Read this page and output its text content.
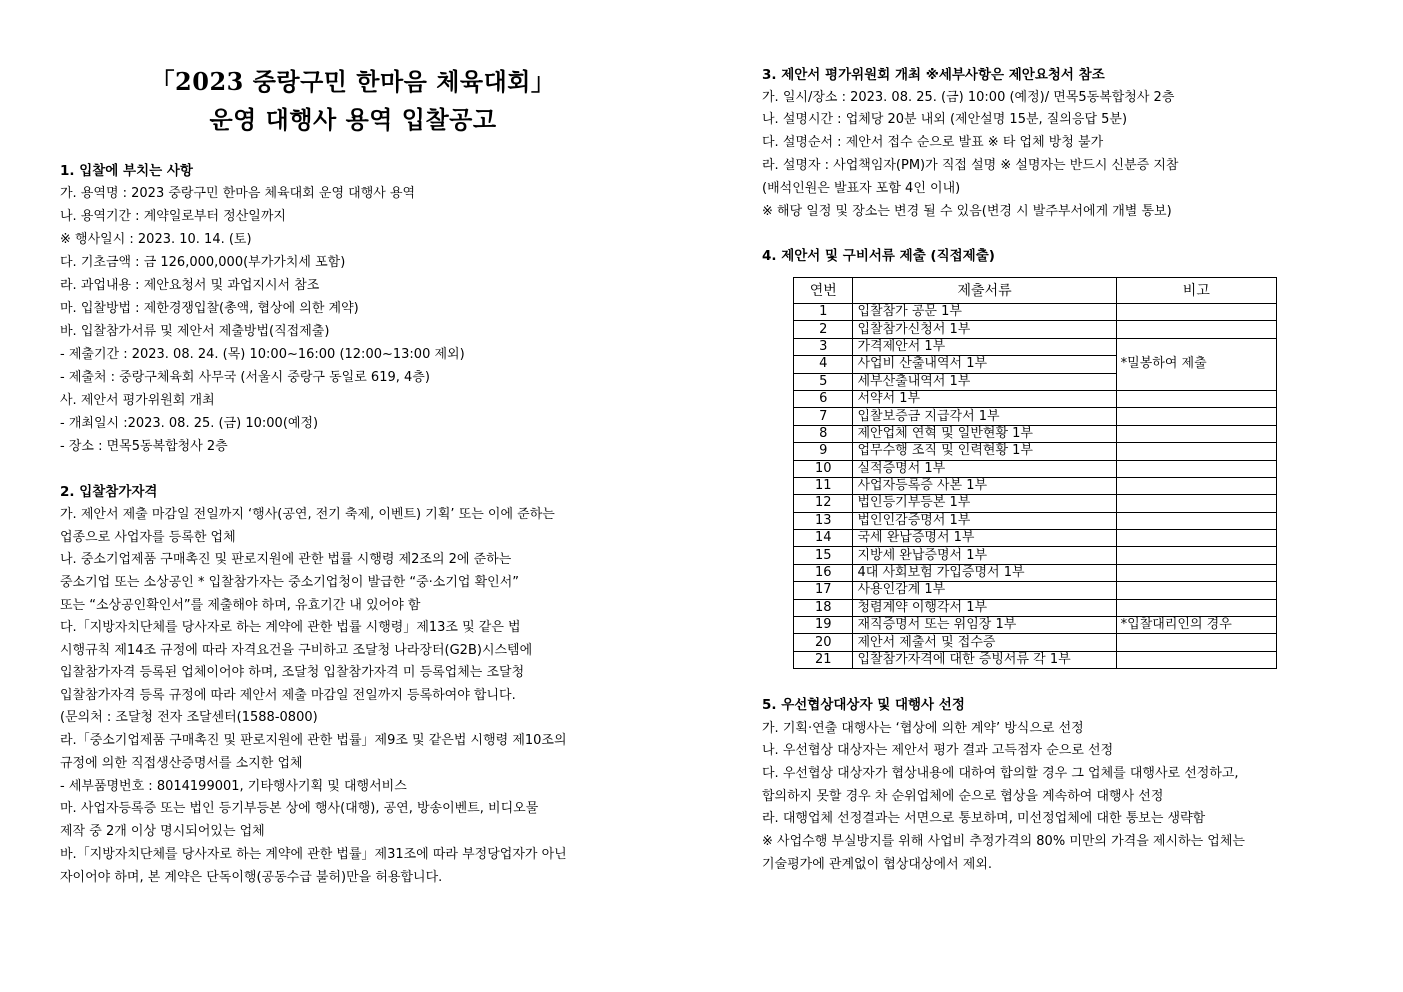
「2023 중랑구민 한마음 체육대회」
운영 대행사 용역 입찰공고
1. 입찰에 부치는 사항
가. 용역명 : 2023 중랑구민 한마음 체육대회 운영 대행사 용역
나. 용역기간 : 계약일로부터 정산일까지
※ 행사일시 : 2023. 10. 14. (토)
다. 기초금액 : 금 126,000,000(부가가치세 포함)
라. 과업내용 : 제안요청서 및 과업지시서 참조
마. 입찰방법 : 제한경쟁입찰(총액, 협상에 의한 계약)
바. 입찰참가서류 및 제안서 제출방법(직접제출)
- 제출기간 : 2023. 08. 24. (목) 10:00~16:00 (12:00~13:00 제외)
- 제출처 : 중랑구체육회 사무국 (서울시 중랑구 동일로 619, 4층)
사. 제안서 평가위원회 개최
- 개최일시 :2023. 08. 25. (금) 10:00(예정)
- 장소 : 면목5동복합청사 2층
2. 입찰참가자격
가. 제안서 제출 마감일 전일까지 ‘행사(공연, 전기 축제, 이벤트) 기획’ 또는 이에 준하는
업종으로 사업자를 등록한 업체
나. 중소기업제품 구매촉진 및 판로지원에 관한 법률 시행령 제2조의 2에 준하는
중소기업 또는 소상공인 * 입찰참가자는 중소기업청이 발급한 “중·소기업 확인서”
또는 “소상공인확인서”를 제출해야 하며, 유효기간 내 있어야 함
다.「지방자치단체를 당사자로 하는 계약에 관한 법률 시행령」제13조 및 같은 법
시행규칙 제14조 규정에 따라 자격요건을 구비하고 조달청 나라장터(G2B)시스템에
입찰참가자격 등록된 업체이어야 하며, 조달청 입찰참가자격 미 등록업체는 조달청
입찰참가자격 등록 규정에 따라 제안서 제출 마감일 전일까지 등록하여야 합니다.
(문의처 : 조달청 전자 조달센터(1588-0800)
라.「중소기업제품 구매촉진 및 판로지원에 관한 법률」제9조 및 같은법 시행령 제10조의
규정에 의한 직접생산증명서를 소지한 업체
- 세부품명번호 : 8014199001, 기타행사기획 및 대행서비스
마. 사업자등록증 또는 법인 등기부등본 상에 행사(대행), 공연, 방송이벤트, 비디오물
제작 중 2개 이상 명시되어있는 업체
바.「지방자치단체를 당사자로 하는 계약에 관한 법률」제31조에 따라 부정당업자가 아닌
자이어야 하며, 본 계약은 단독이행(공동수급 불허)만을 허용합니다.
3. 제안서 평가위원회 개최 ※세부사항은 제안요청서 참조
가. 일시/장소 : 2023. 08. 25. (금) 10:00 (예정)/ 면목5동복합청사 2층
나. 설명시간 : 업체당 20분 내외 (제안설명 15분, 질의응답 5분)
다. 설명순서 : 제안서 접수 순으로 발표 ※ 타 업체 방청 불가
라. 설명자 : 사업책임자(PM)가 직접 설명 ※ 설명자는 반드시 신분증 지참
(배석인원은 발표자 포함 4인 이내)
※ 해당 일정 및 장소는 변경 될 수 있음(변경 시 발주부서에게 개별 통보)
4. 제안서 및 구비서류 제출 (직접제출)
연번	제출서류	비고
1	입찰참가 공문 1부	
2	입찰참가신청서 1부	
3	가격제안서 1부	*밀봉하여 제출
4	사업비 산출내역서 1부	
5	세부산출내역서 1부	
6	서약서 1부	
7	입찰보증금 지급각서 1부	
8	제안업체 연혁 및 일반현황 1부	
9	업무수행 조직 및 인력현황 1부	
10	실적증명서 1부	
11	사업자등록증 사본 1부	
12	법인등기부등본 1부	
13	법인인감증명서 1부	
14	국세 완납증명서 1부	
15	지방세 완납증명서 1부	
16	4대 사회보험 가입증명서 1부	
17	사용인감계 1부	
18	청렴계약 이행각서 1부	
19	재직증명서 또는 위임장 1부	*입찰대리인의 경우
20	제안서 제출서 및 접수증	
21	입찰참가자격에 대한 증빙서류 각 1부	
5. 우선협상대상자 및 대행사 선정
가. 기획·연출 대행사는 ‘협상에 의한 계약’ 방식으로 선정
나. 우선협상 대상자는 제안서 평가 결과 고득점자 순으로 선정
다. 우선협상 대상자가 협상내용에 대하여 합의할 경우 그 업체를 대행사로 선정하고,
합의하지 못할 경우 차 순위업체에 순으로 협상을 계속하여 대행사 선정
라. 대행업체 선정결과는 서면으로 통보하며, 미선정업체에 대한 통보는 생략함
※ 사업수행 부실방지를 위해 사업비 추정가격의 80% 미만의 가격을 제시하는 업체는
기술평가에 관계없이 협상대상에서 제외.
